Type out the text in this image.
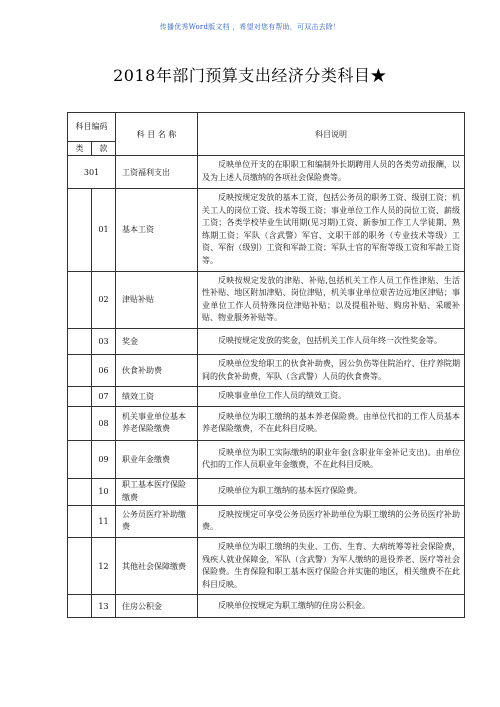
传播优秀Word版文档 ，希望对您有帮助，可双击去除！
2018年部门预算支出经济分类科目★
科目编码		科 目 名 称	科目说明
类	款		
301		工资福利支出	反映单位开支的在职职工和编制外长期聘用人员的各类劳动报酬，以及为上述人员缴纳的各项社会保险费等。
	01	基本工资	反映按规定发放的基本工资，包括公务员的职务工资、级别工资；机关工人的岗位工资、技术等级工资；事业单位工作人员的岗位工资、薪级工资；各类学校毕业生试用期(见习期)工资、新参加工作工人学徒期、熟练期工资；军队（含武警）军官、文职干部的职务（专业技术等级）工资、军衔（级别）工资和军龄工资；军队士官的军衔等级工资和军龄工资等。
	02	津贴补贴	反映按规定发放的津贴、补贴,包括机关工作人员工作性津贴、生活性补贴、地区附加津贴、岗位津贴，机关事业单位艰苦边远地区津贴；事业单位工作人员特殊岗位津贴补贴；以及提租补贴、购房补贴、采暖补贴、物业服务补贴等。
	03	奖金	反映按规定发放的奖金，包括机关工作人员年终一次性奖金等。
	06	伙食补助费	反映单位发给职工的伙食补助费，因公负伤等住院治疗、住疗养院期间的伙食补助费，军队（含武警）人员的伙食费等。
	07	绩效工资	反映事业单位工作人员的绩效工资。
	08	机关事业单位基本养老保险缴费	反映单位为职工缴纳的基本养老保险费。由单位代扣的工作人员基本养老保险缴费，不在此科目反映。
	09	职业年金缴费	反映单位为职工实际缴纳的职业年金(含职业年金补记支出)。由单位代扣的工作人员职业年金缴费，不在此科目反映。
	10	职工基本医疗保险缴费	反映单位为职工缴纳的基本医疗保险费。
	11	公务员医疗补助缴费	反映按规定可享受公务员医疗补助单位为职工缴纳的公务员医疗补助费。
	12	其他社会保障缴费	反映单位为职工缴纳的失业、工伤、生育、大病统筹等社会保险费，残疾人就业保障金，军队（含武警）为军人缴纳的退役养老、医疗等社会保险费。生育保险和职工基本医疗保险合并实施的地区，相关缴费不在此科目反映。
	13	住房公积金	反映单位按规定为职工缴纳的住房公积金。
